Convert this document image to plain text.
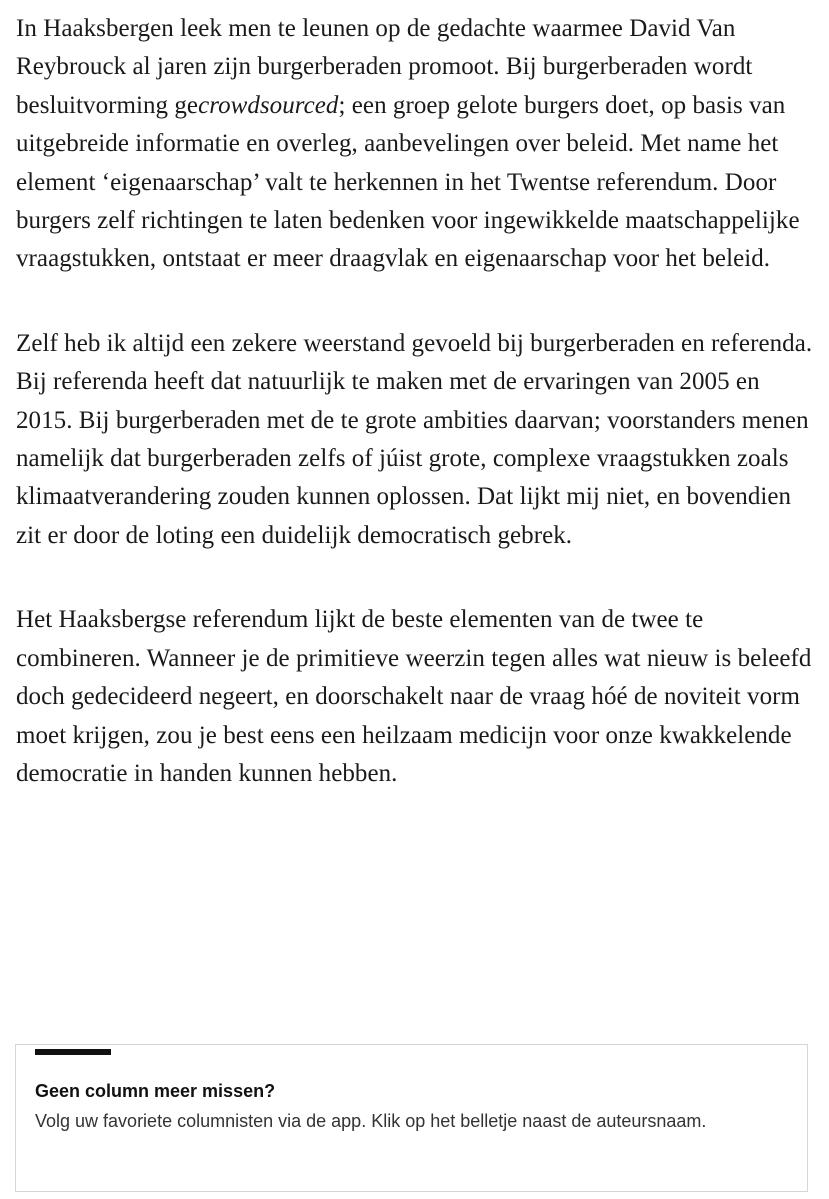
In Haaksbergen leek men te leunen op de gedachte waarmee David Van Reybrouck al jaren zijn burgerberaden promoot. Bij burgerberaden wordt besluitvorming gecrowdsourced; een groep gelote burgers doet, op basis van uitgebreide informatie en overleg, aanbevelingen over beleid. Met name het element ‘eigenaarschap’ valt te herkennen in het Twentse referendum. Door burgers zelf richtingen te laten bedenken voor ingewikkelde maatschappelijke vraagstukken, ontstaat er meer draagvlak en eigenaarschap voor het beleid.

Zelf heb ik altijd een zekere weerstand gevoeld bij burgerberaden en referenda. Bij referenda heeft dat natuurlijk te maken met de ervaringen van 2005 en 2015. Bij burgerberaden met de te grote ambities daarvan; voorstanders menen namelijk dat burgerberaden zelfs of júist grote, complexe vraagstukken zoals klimaatverandering zouden kunnen oplossen. Dat lijkt mij niet, en bovendien zit er door de loting een duidelijk democratisch gebrek.

Het Haaksbergse referendum lijkt de beste elementen van de twee te combineren. Wanneer je de primitieve weerzin tegen alles wat nieuw is beleefd doch gedecideerd negeert, en doorschakelt naar de vraag hóé de noviteit vorm moet krijgen, zou je best eens een heilzaam medicijn voor onze kwakkelende democratie in handen kunnen hebben.

Geen column meer missen?
Volg uw favoriete columnisten via de app. Klik op het belletje naast de auteursnaam.
